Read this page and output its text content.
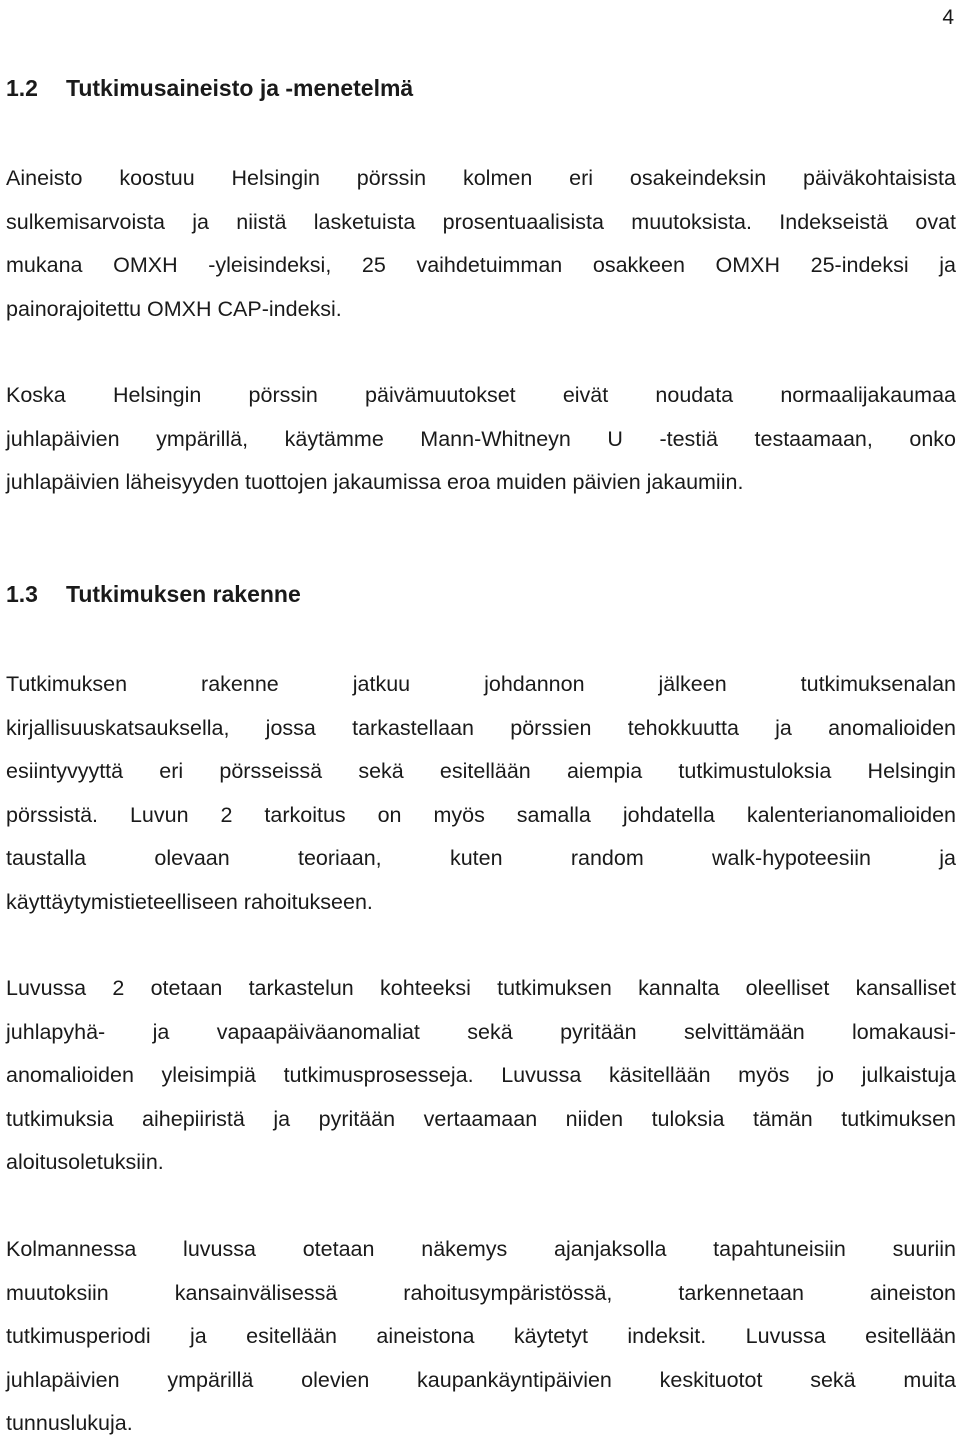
4
1.2 Tutkimusaineisto ja -menetelmä
Aineisto koostuu Helsingin pörssin kolmen eri osakeindeksin päiväkohtaisista
sulkemisarvoista ja niistä lasketuista prosentuaalisista muutoksista. Indekseistä ovat
mukana OMXH -yleisindeksi, 25 vaihdetuimman osakkeen OMXH 25-indeksi ja
painorajoitettu OMXH CAP-indeksi.
Koska Helsingin pörssin päivämuutokset eivät noudata normaalijakaumaa
juhlapäivien ympärillä, käytämme Mann-Whitneyn U -testiä testaamaan, onko
juhlapäivien läheisyyden tuottojen jakaumissa eroa muiden päivien jakaumiin.
1.3 Tutkimuksen rakenne
Tutkimuksen rakenne jatkuu johdannon jälkeen tutkimuksenalan
kirjallisuuskatsauksella, jossa tarkastellaan pörssien tehokkuutta ja anomalioiden
esiintyvyyttä eri pörsseissä sekä esitellään aiempia tutkimustuloksia Helsingin
pörssistä. Luvun 2 tarkoitus on myös samalla johdatella kalenterianomalioiden
taustalla olevaan teoriaan, kuten random walk-hypoteesiin ja
käyttäytymistieteelliseen rahoitukseen.
Luvussa 2 otetaan tarkastelun kohteeksi tutkimuksen kannalta oleelliset kansalliset
juhlapyhä- ja vapaapäiväanomaliat sekä pyritään selvittämään lomakausi-
anomalioiden yleisimpiä tutkimusprosesseja. Luvussa käsitellään myös jo julkaistuja
tutkimuksia aihepiiristä ja pyritään vertaamaan niiden tuloksia tämän tutkimuksen
aloitusoletuksiin.
Kolmannessa luvussa otetaan näkemys ajanjaksolla tapahtuneisiin suuriin
muutoksiin kansainvälisessä rahoitusympäristössä, tarkennetaan aineiston
tutkimusperiodi ja esitellään aineistona käytetyt indeksit. Luvussa esitellään
juhlapäivien ympärillä olevien kaupankäyntipäivien keskituotot sekä muita
tunnuslukuja.
